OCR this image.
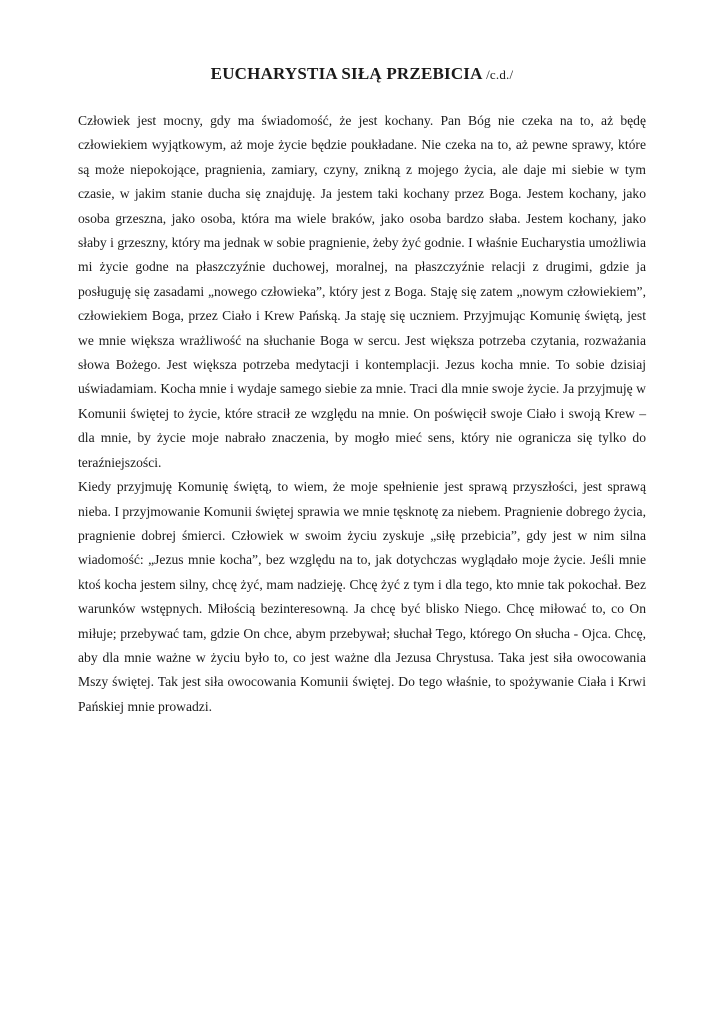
EUCHARYSTIA SIŁĄ PRZEBICIA /c.d./

Człowiek jest mocny, gdy ma świadomość, że jest kochany. Pan Bóg nie czeka na to, aż będę człowiekiem wyjątkowym, aż moje życie będzie poukładane. Nie czeka na to, aż pewne sprawy, które są może niepokojące, pragnienia, zamiary, czyny, znikną z mojego życia, ale daje mi siebie w tym czasie, w jakim stanie ducha się znajduję. Ja jestem taki kochany przez Boga. Jestem kochany, jako osoba grzeszna, jako osoba, która ma wiele braków, jako osoba bardzo słaba. Jestem kochany, jako słaby i grzeszny, który ma jednak w sobie pragnienie, żeby żyć godnie. I właśnie Eucharystia umożliwia mi życie godne na płaszczyźnie duchowej, moralnej, na płaszczyźnie relacji z drugimi, gdzie ja posługuję się zasadami „nowego człowieka”, który jest z Boga. Staję się zatem „nowym człowiekiem”, człowiekiem Boga, przez Ciało i Krew Pańską. Ja staję się uczniem. Przyjmując Komunię świętą, jest we mnie większa wrażliwość na słuchanie Boga w sercu. Jest większa potrzeba czytania, rozważania słowa Bożego. Jest większa potrzeba medytacji i kontemplacji. Jezus kocha mnie. To sobie dzisiaj uświadamiam. Kocha mnie i wydaje samego siebie za mnie. Traci dla mnie swoje życie. Ja przyjmuję w Komunii świętej to życie, które stracił ze względu na mnie. On poświęcił swoje Ciało i swoją Krew – dla mnie, by życie moje nabrało znaczenia, by mogło mieć sens, który nie ogranicza się tylko do teraźniejszości.

Kiedy przyjmuję Komunię świętą, to wiem, że moje spełnienie jest sprawą przyszłości, jest sprawą nieba. I przyjmowanie Komunii świętej sprawia we mnie tęsknotę za niebem. Pragnienie dobrego życia, pragnienie dobrej śmierci. Człowiek w swoim życiu zyskuje „siłę przebicia”, gdy jest w nim silna wiadomość: „Jezus mnie kocha”, bez względu na to, jak dotychczas wyglądało moje życie. Jeśli mnie ktoś kocha jestem silny, chcę żyć, mam nadzieję. Chcę żyć z tym i dla tego, kto mnie tak pokochał. Bez warunków wstępnych. Miłością bezinteresowną. Ja chcę być blisko Niego. Chcę miłować to, co On miłuje; przebywać tam, gdzie On chce, abym przebywał; słuchał Tego, którego On słucha - Ojca. Chcę, aby dla mnie ważne w życiu było to, co jest ważne dla Jezusa Chrystusa. Taka jest siła owocowania Mszy świętej. Tak jest siła owocowania Komunii świętej. Do tego właśnie, to spożywanie Ciała i Krwi Pańskiej mnie prowadzi.
